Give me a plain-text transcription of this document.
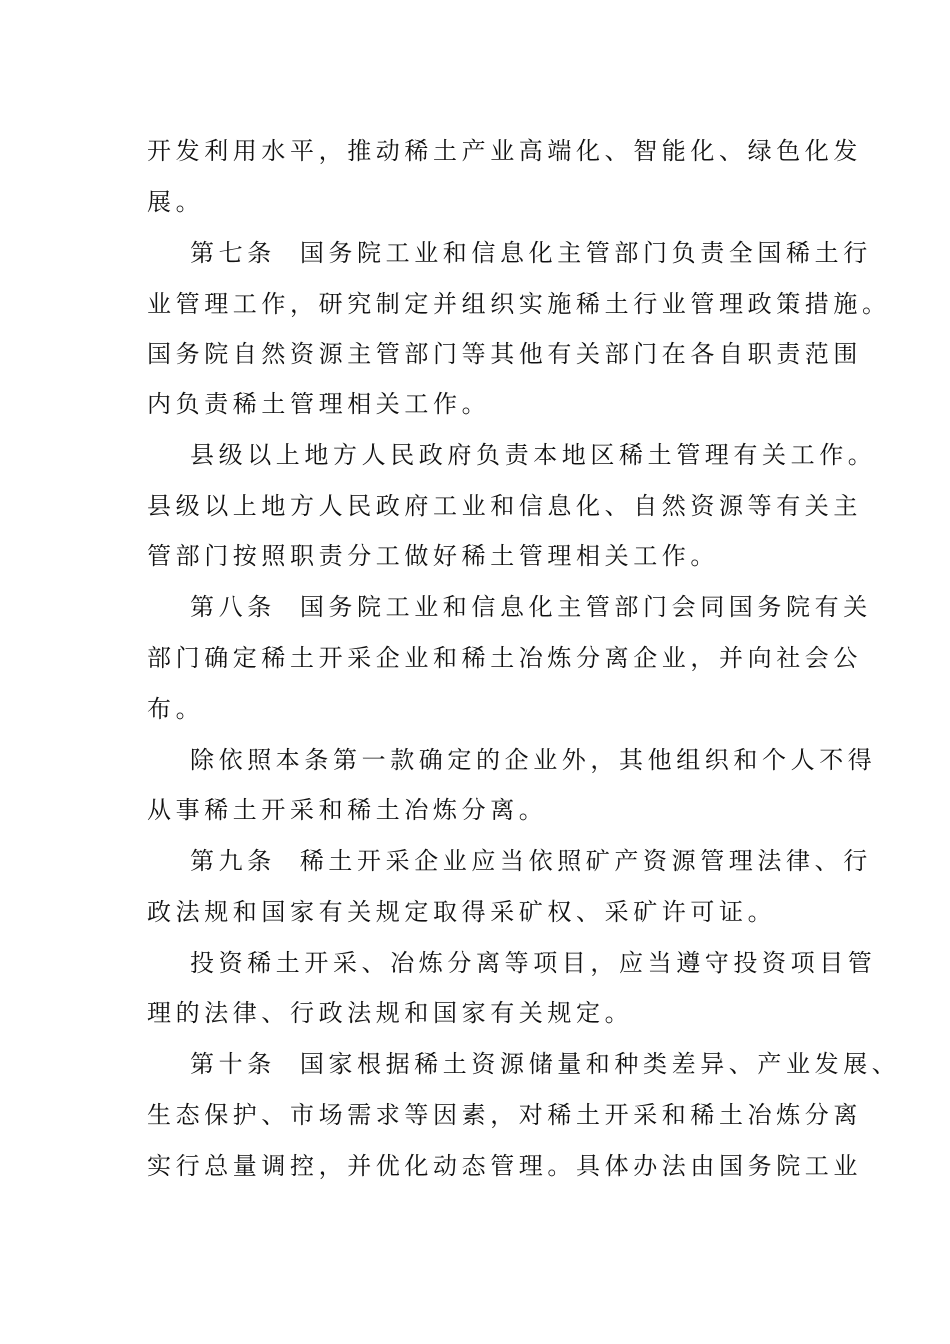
开发利用水平，推动稀土产业高端化、智能化、绿色化发
展。
第七条 国务院工业和信息化主管部门负责全国稀土行
业管理工作，研究制定并组织实施稀土行业管理政策措施。
国务院自然资源主管部门等其他有关部门在各自职责范围
内负责稀土管理相关工作。
县级以上地方人民政府负责本地区稀土管理有关工作。
县级以上地方人民政府工业和信息化、自然资源等有关主
管部门按照职责分工做好稀土管理相关工作。
第八条 国务院工业和信息化主管部门会同国务院有关
部门确定稀土开采企业和稀土冶炼分离企业，并向社会公
布。
除依照本条第一款确定的企业外，其他组织和个人不得
从事稀土开采和稀土冶炼分离。
第九条 稀土开采企业应当依照矿产资源管理法律、行
政法规和国家有关规定取得采矿权、采矿许可证。
投资稀土开采、冶炼分离等项目，应当遵守投资项目管
理的法律、行政法规和国家有关规定。
第十条 国家根据稀土资源储量和种类差异、产业发展、
生态保护、市场需求等因素，对稀土开采和稀土冶炼分离
实行总量调控，并优化动态管理。具体办法由国务院工业
